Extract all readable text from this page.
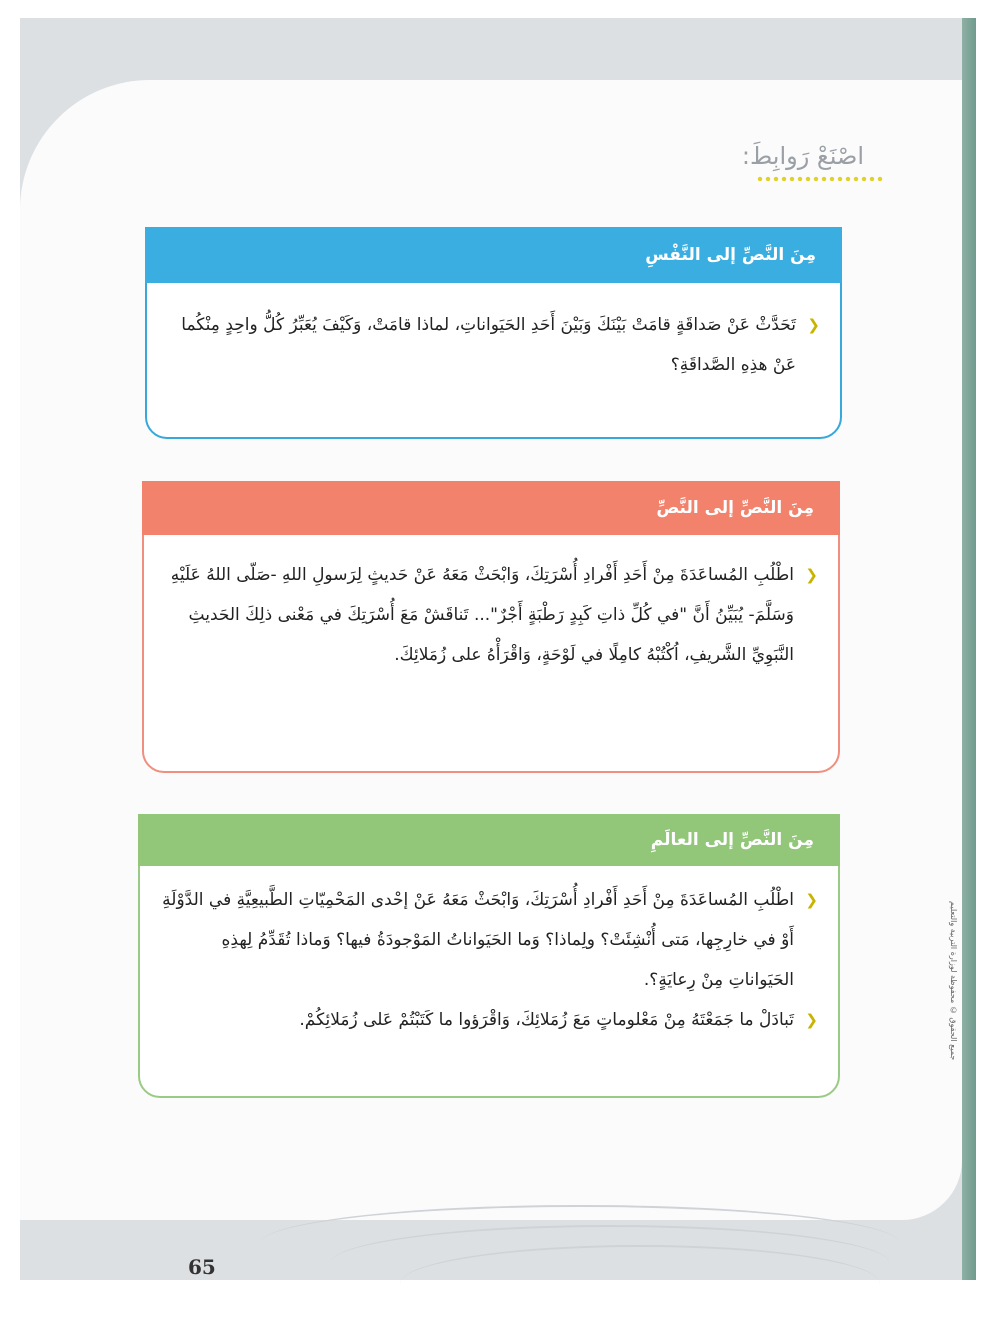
جميع الحقوق © محفوظة لوزارة التربية والتعليم
اصْنَعْ رَوابِطَ:
مِنَ النَّصِّ إلى النَّفْسِ

❮
تَحَدَّثْ عَنْ صَداقَةٍ قامَتْ بَيْنَكَ وَبَيْنَ أَحَدِ الحَيَواناتِ، لماذا قامَتْ، وَكَيْفَ يُعَبِّرُ كُلُّ واحِدٍ مِنْكُما عَنْ هذِهِ الصَّداقَةِ؟

مِنَ النَّصِّ إلى النَّصِّ

❮
اطْلُبِ المُساعَدَةَ مِنْ أَحَدِ أَفْرادِ أُسْرَتِكَ، وَابْحَثْ مَعَهُ عَنْ حَديثٍ لِرَسولِ اللهِ -صَلّى اللهُ عَلَيْهِ وَسَلَّمَ- يُبَيِّنُ أَنَّ "في كُلِّ ذاتِ كَبِدٍ رَطْبَةٍ أَجْرٌ"... تَناقَشْ مَعَ أُسْرَتِكَ في مَعْنى ذلِكَ الحَديثِ النَّبَوِيِّ الشَّريفِ، اُكْتُبْهُ كامِلًا في لَوْحَةٍ، وَاقْرَأْهُ على زُمَلائِكَ.

مِنَ النَّصِّ إلى العالَمِ

❮
اطْلُبِ المُساعَدَةَ مِنْ أَحَدِ أَفْرادِ أُسْرَتِكَ، وَابْحَثْ مَعَهُ عَنْ إحْدى المَحْمِيّاتِ الطَّبيعِيَّةِ في الدَّوْلَةِ أَوْ في خارِجِها، مَتى أُنْشِئَتْ؟ ولِماذا؟ وَما الحَيَواناتُ المَوْجودَةُ فيها؟ وَماذا تُقَدِّمُ لِهذِهِ الحَيَواناتِ مِنْ رِعايَةٍ؟.

❮
تَبادَلْ ما جَمَعْتَهُ مِنْ مَعْلوماتٍ مَعَ زُمَلائِكَ، وَاقْرَؤوا ما كَتَبْتُمْ عَلى زُمَلائِكُمْ.

65
